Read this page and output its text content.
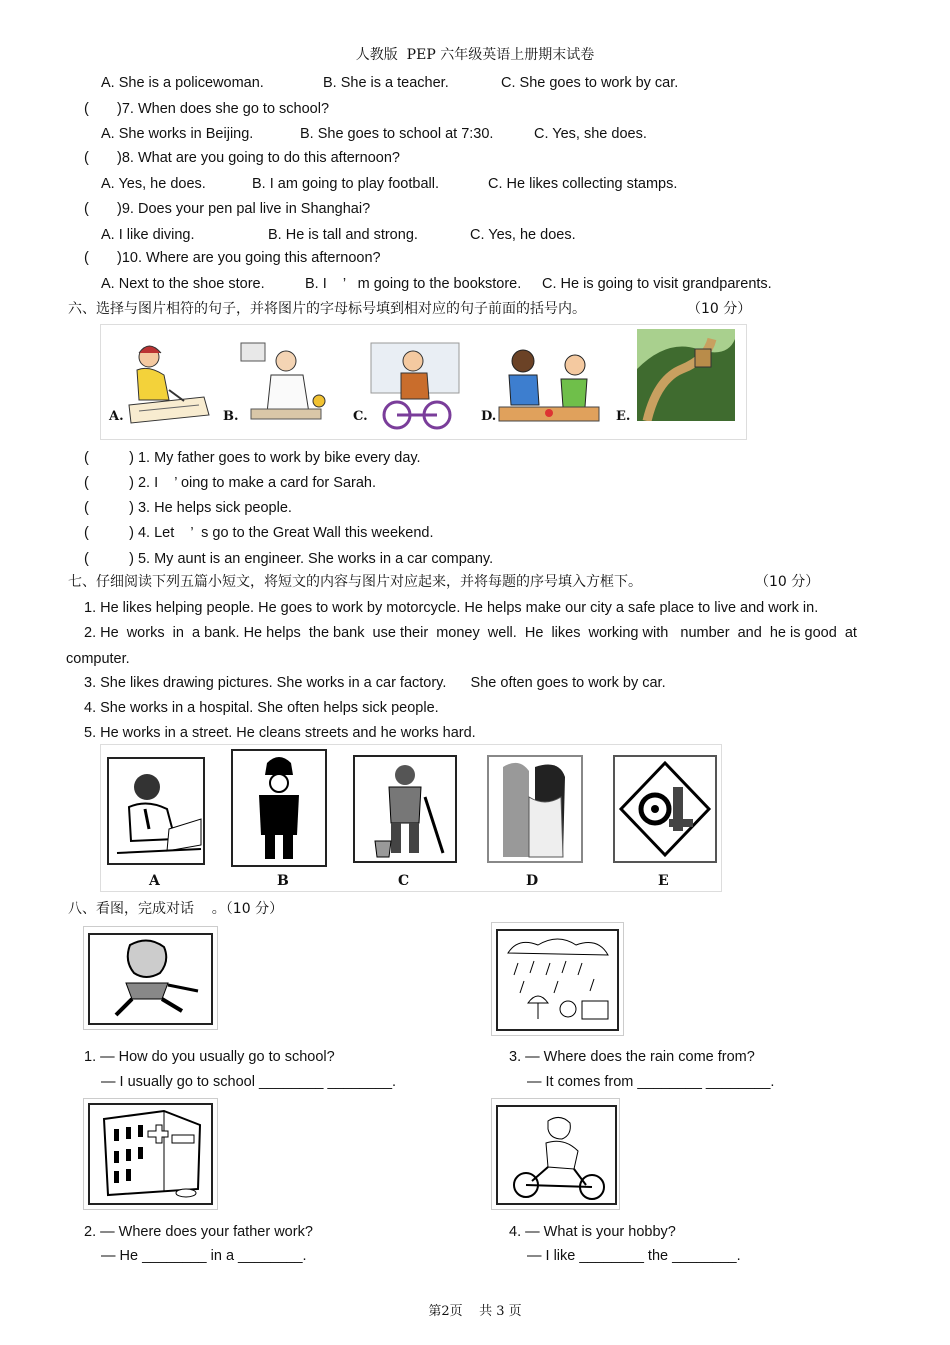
人教版  PEP 六年级英语上册期末试卷
A. She is a policewoman.	B. She is a teacher.	C. She goes to work by car.
(       )7. When does she go to school?
A. She works in Beijing.	B. She goes to school at 7:30.	C. Yes, she does.
(       )8. What are you going to do this afternoon?
A. Yes, he does.	B. I am going to play football.	C. He likes collecting stamps.
(       )9. Does your pen pal live in Shanghai?
A. I like diving.	B. He is tall and strong.	C. Yes, he does.
(       )10. Where are you going this afternoon?
A. Next to the shoe store.	B. I    ’   m going to the bookstore. C. He is going to visit grandparents.
六、选择与图片相符的句子，并将图片的字母标号填到相对应的句子前面的括号内。	（10 分）
A.	B.	C.	D.	E.
(          ) 1. My father goes to work by bike every day.
(          ) 2. I    ’ oing to make a card for Sarah.
(          ) 3. He helps sick people.
(          ) 4. Let    ’  s go to the Great Wall this weekend.
(          ) 5. My aunt is an engineer. She works in a car company.
七、仔细阅读下列五篇小短文，将短文的内容与图片对应起来，并将每题的序号填入方框下。	（10 分）
1. He likes helping people. He goes to work by motorcycle. He helps make our city a safe place to live and work in.
2. He  works  in  a bank. He helps  the bank  use their  money  well.  He  likes  working with   number  and  he is good  at
computer.
3. She likes drawing pictures. She works in a car factory.      She often goes to work by car.
4. She works in a hospital. She often helps sick people.
5. He works in a street. He cleans streets and he works hard.
A	B	C	D	E
八、看图，完成对话    。（10 分）
1. — How do you usually go to school?
— I usually go to school ________ ________.
3. — Where does the rain come from?
— It comes from ________ ________.
2. — Where does your father work?
— He ________ in a ________.
4. — What is your hobby?
— I like ________ the ________.
第2页    共 3 页
